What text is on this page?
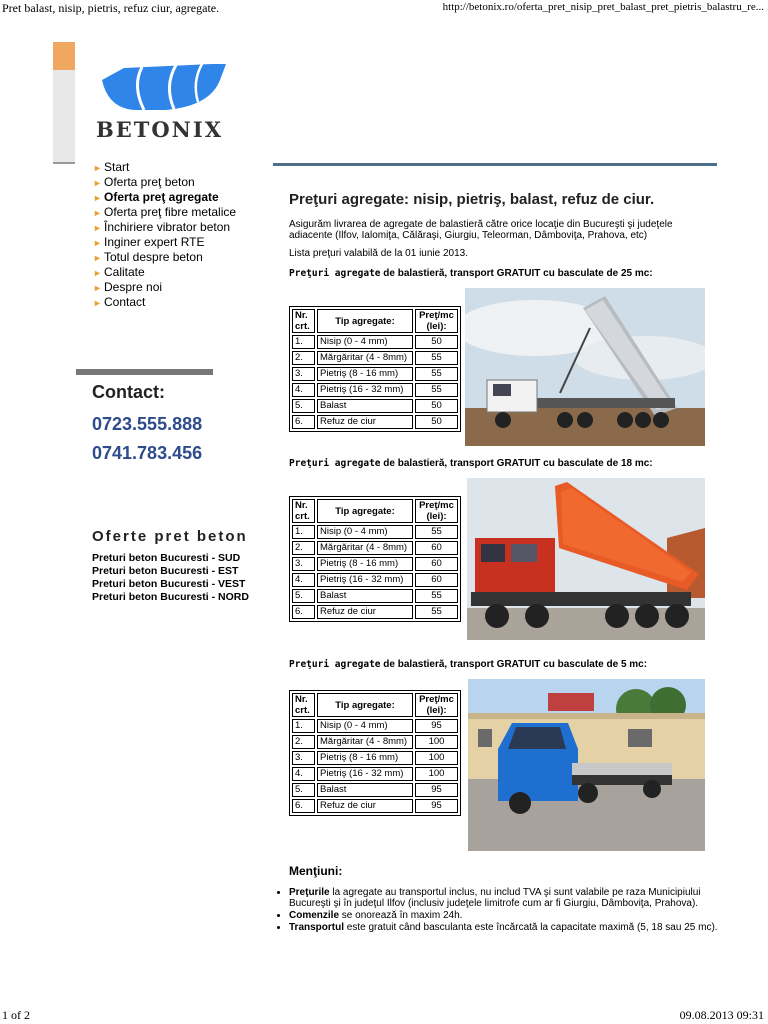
Pret balast, nisip, pietris, refuz ciur, agregate.	http://betonix.ro/oferta_pret_nisip_pret_balast_pret_pietris_balastru_re...
BETONIX
► Start
► Oferta preţ beton
► Oferta preţ agregate
► Oferta preţ fibre metalice
► Închiriere vibrator beton
► Inginer expert RTE
► Totul despre beton
► Calitate
► Despre noi
► Contact
Contact:
0723.555.888
0741.783.456
Oferte pret beton
Preturi beton Bucuresti - SUD
Preturi beton Bucuresti - EST
Preturi beton Bucuresti - VEST
Preturi beton Bucuresti - NORD
Preţuri agregate: nisip, pietriş, balast, refuz de ciur.
Asigurăm livrarea de agregate de balastieră către orice locaţie din Bucureşti şi judeţele adiacente (Ilfov, Ialomiţa, Călăraşi, Giurgiu, Teleorman, Dâmboviţa, Prahova, etc)
Lista preţuri valabilă de la 01 iunie 2013.
Preţuri agregate de balastieră, transport GRATUIT cu basculate de 25 mc:
Nr. crt.	Tip agregate:	Preţ/mc (lei):
1.	Nisip (0 - 4 mm)	50
2.	Mărgăritar (4 - 8mm)	55
3.	Pietriş (8 - 16 mm)	55
4.	Pietriş (16 - 32 mm)	55
5.	Balast	50
6.	Refuz de ciur	50
Preţuri agregate de balastieră, transport GRATUIT cu basculate de 18 mc:
Nr. crt.	Tip agregate:	Preţ/mc (lei):
1.	Nisip (0 - 4 mm)	55
2.	Mărgăritar (4 - 8mm)	60
3.	Pietriş (8 - 16 mm)	60
4.	Pietriş (16 - 32 mm)	60
5.	Balast	55
6.	Refuz de ciur	55
Preţuri agregate de balastieră, transport GRATUIT cu basculate de 5 mc:
Nr. crt.	Tip agregate:	Preţ/mc (lei):
1.	Nisip (0 - 4 mm)	95
2.	Mărgăritar (4 - 8mm)	100
3.	Pietriş (8 - 16 mm)	100
4.	Pietriş (16 - 32 mm)	100
5.	Balast	95
6.	Refuz de ciur	95
Menţiuni:
• Preţurile la agregate au transportul inclus, nu includ TVA şi sunt valabile pe raza Municipiului Bucureşti şi în judeţul Ilfov (inclusiv judeţele limitrofe cum ar fi Giurgiu, Dâmboviţa, Prahova).
• Comenzile se onorează în maxim 24h.
• Transportul este gratuit când basculanta este încărcată la capacitate maximă (5, 18 sau 25 mc).
1 of 2	09.08.2013 09:31
